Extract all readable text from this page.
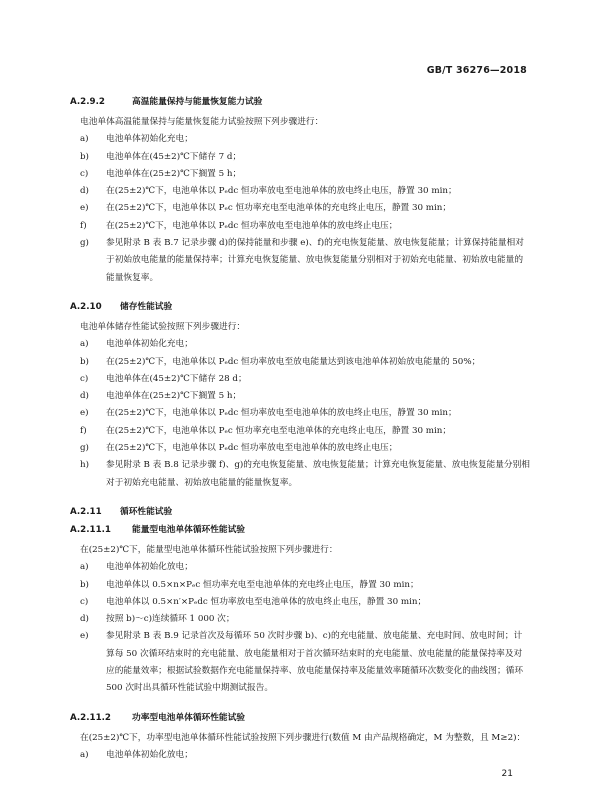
GB/T 36276—2018
A.2.9.2	高温能量保持与能量恢复能力试验
电池单体高温能量保持与能量恢复能力试验按照下列步骤进行：
a)	电池单体初始化充电；
b)	电池单体在(45±2)℃下储存 7 d；
c)	电池单体在(25±2)℃下搁置 5 h；
d)	在(25±2)℃下，电池单体以 Pₑdc 恒功率放电至电池单体的放电终止电压，静置 30 min；
e)	在(25±2)℃下，电池单体以 Pₑc 恒功率充电至电池单体的充电终止电压，静置 30 min；
f)	在(25±2)℃下，电池单体以 Pₑdc 恒功率放电至电池单体的放电终止电压；
g)	参见附录 B 表 B.7 记录步骤 d)的保持能量和步骤 e)、f)的充电恢复能量、放电恢复能量；计算保持能量相对于初始放电能量的能量保持率；计算充电恢复能量、放电恢复能量分别相对于初始充电能量、初始放电能量的能量恢复率。
A.2.10 储存性能试验
电池单体储存性能试验按照下列步骤进行：
a)	电池单体初始化充电；
b)	在(25±2)℃下，电池单体以 Pₑdc 恒功率放电至放电能量达到该电池单体初始放电能量的 50%；
c)	电池单体在(45±2)℃下储存 28 d；
d)	电池单体在(25±2)℃下搁置 5 h；
e)	在(25±2)℃下，电池单体以 Pₑdc 恒功率放电至电池单体的放电终止电压，静置 30 min；
f)	在(25±2)℃下，电池单体以 Pₑc 恒功率充电至电池单体的充电终止电压，静置 30 min；
g)	在(25±2)℃下，电池单体以 Pₑdc 恒功率放电至电池单体的放电终止电压；
h)	参见附录 B 表 B.8 记录步骤 f)、g)的充电恢复能量、放电恢复能量；计算充电恢复能量、放电恢复能量分别相对于初始充电能量、初始放电能量的能量恢复率。
A.2.11 循环性能试验
A.2.11.1 能量型电池单体循环性能试验
在(25±2)℃下，能量型电池单体循环性能试验按照下列步骤进行：
a)	电池单体初始化放电；
b)	电池单体以 0.5×n×Pₑc 恒功率充电至电池单体的充电终止电压，静置 30 min；
c)	电池单体以 0.5×n′×Pₑdc 恒功率放电至电池单体的放电终止电压，静置 30 min；
d)	按照 b)～c)连续循环 1 000 次；
e)	参见附录 B 表 B.9 记录首次及每循环 50 次时步骤 b)、c)的充电能量、放电能量、充电时间、放电时间；计算每 50 次循环结束时的充电能量、放电能量相对于首次循环结束时的充电能量、放电能量的能量保持率及对应的能量效率；根据试验数据作充电能量保持率、放电能量保持率及能量效率随循环次数变化的曲线图；循环 500 次时出具循环性能试验中期测试报告。
A.2.11.2 功率型电池单体循环性能试验
在(25±2)℃下，功率型电池单体循环性能试验按照下列步骤进行(数值 M 由产品规格确定，M 为整数，且 M≥2)：
a)	电池单体初始化放电；
21
